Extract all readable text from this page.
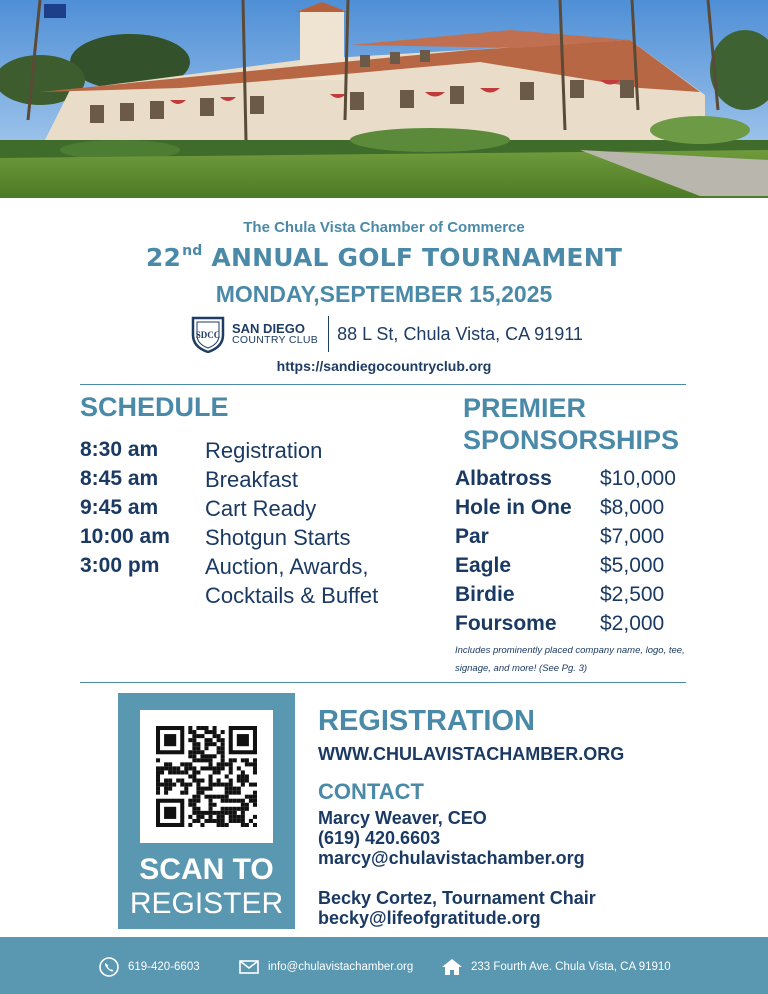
The Chula Vista Chamber of Commerce
22nd ANNUAL GOLF TOURNAMENT
MONDAY,SEPTEMBER 15,2025
SDCC SAN DIEGO
COUNTRY CLUB 88 L St, Chula Vista, CA 91911
https://sandiegocountryclub.org
SCHEDULE
8:30 am Registration
8:45 am Breakfast
9:45 am Cart Ready
10:00 am Shotgun Starts
3:00 pm Auction, Awards,
Cocktails & Buffet
PREMIER
SPONSORSHIPS
Albatross $10,000
Hole in One $8,000
Par	$7,000
Eagle	$5,000
Birdie	$2,500
Foursome $2,000
Includes prominently placed company name, logo, tee, signage, and more! (See Pg. 3)
SCAN TO
REGISTER
REGISTRATION
WWW.CHULAVISTACHAMBER.ORG
CONTACT
Marcy Weaver, CEO
(619) 420.6603
marcy@chulavistachamber.org
Becky Cortez, Tournament Chair
becky@lifeofgratitude.org
619-420-6603	info@chulavistachamber.org	233 Fourth Ave. Chula Vista, CA 91910
